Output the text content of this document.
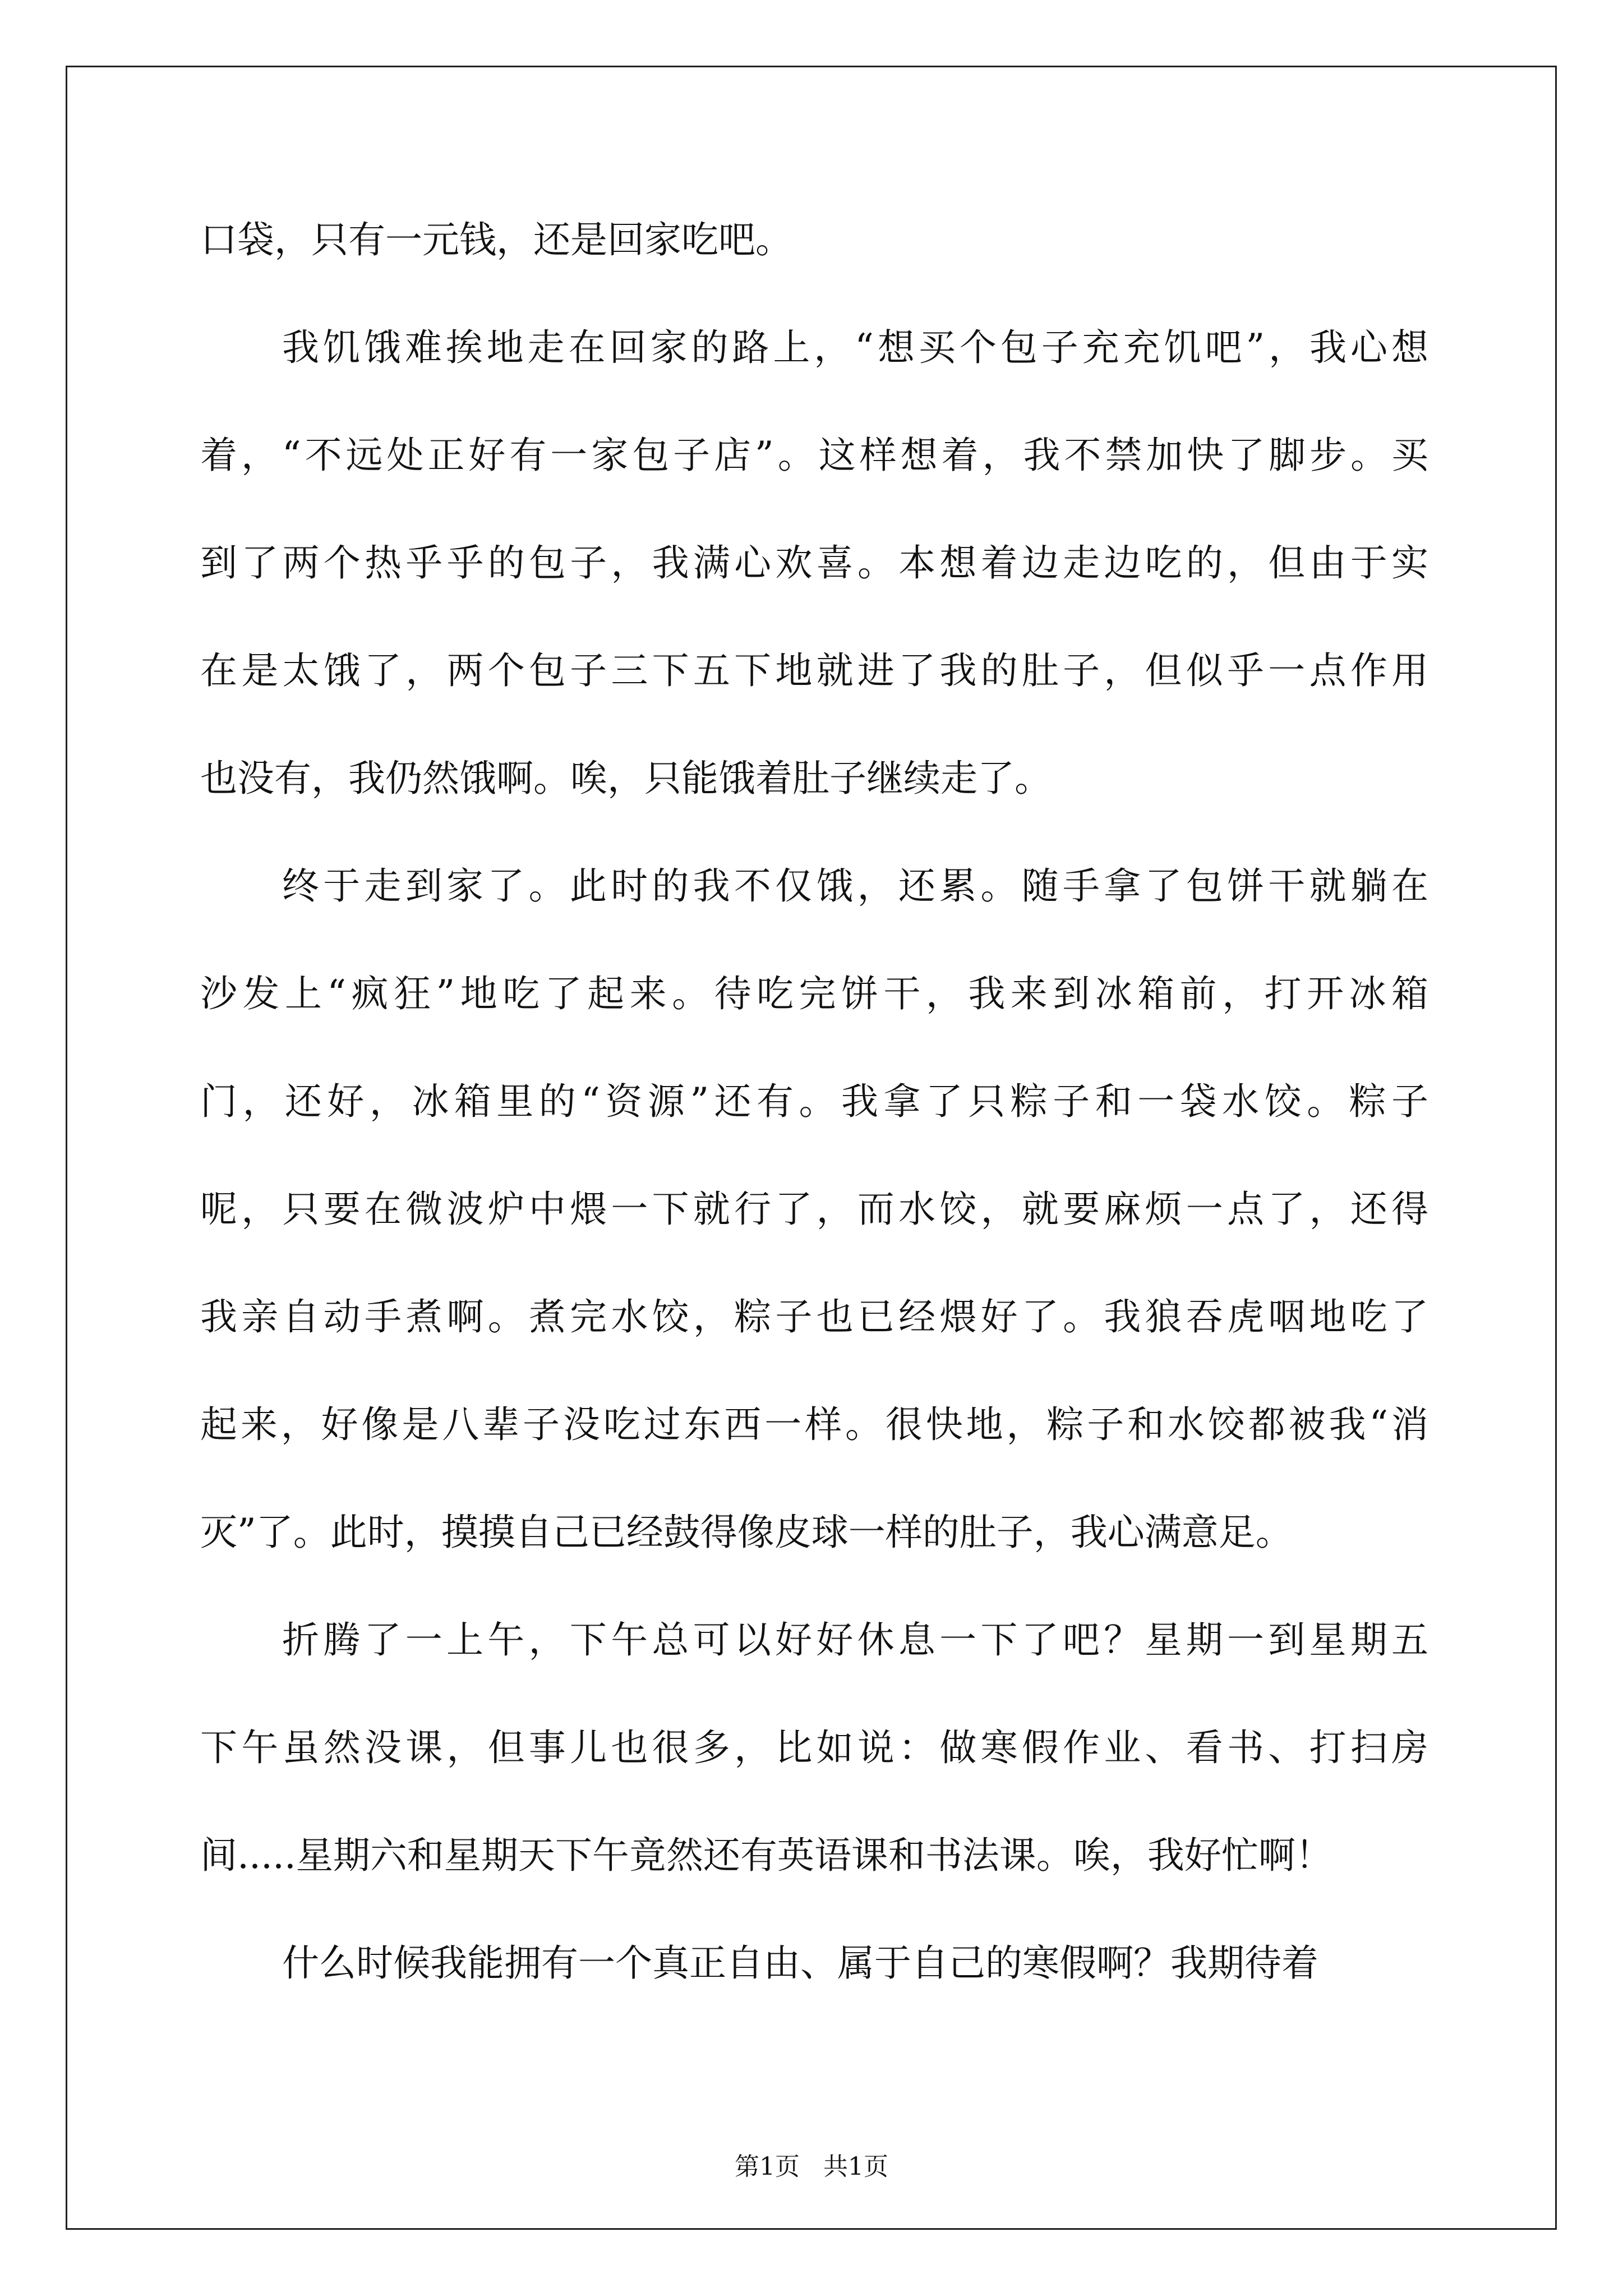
口袋，只有一元钱，还是回家吃吧。
我饥饿难挨地走在回家的路上，“想买个包子充充饥吧”，我心想
着，“不远处正好有一家包子店”。这样想着，我不禁加快了脚步。买
到了两个热乎乎的包子，我满心欢喜。本想着边走边吃的，但由于实
在是太饿了，两个包子三下五下地就进了我的肚子，但似乎一点作用
也没有，我仍然饿啊。唉，只能饿着肚子继续走了。
终于走到家了。此时的我不仅饿，还累。随手拿了包饼干就躺在
沙发上“疯狂”地吃了起来。待吃完饼干，我来到冰箱前，打开冰箱
门，还好，冰箱里的“资源”还有。我拿了只粽子和一袋水饺。粽子
呢，只要在微波炉中煨一下就行了，而水饺，就要麻烦一点了，还得
我亲自动手煮啊。煮完水饺，粽子也已经煨好了。我狼吞虎咽地吃了
起来，好像是八辈子没吃过东西一样。很快地，粽子和水饺都被我“消
灭”了。此时，摸摸自己已经鼓得像皮球一样的肚子，我心满意足。
折腾了一上午，下午总可以好好休息一下了吧？星期一到星期五
下午虽然没课，但事儿也很多，比如说：做寒假作业、看书、打扫房
间.....星期六和星期天下午竟然还有英语课和书法课。唉，我好忙啊！
什么时候我能拥有一个真正自由、属于自己的寒假啊？我期待着
第1页   共1页
